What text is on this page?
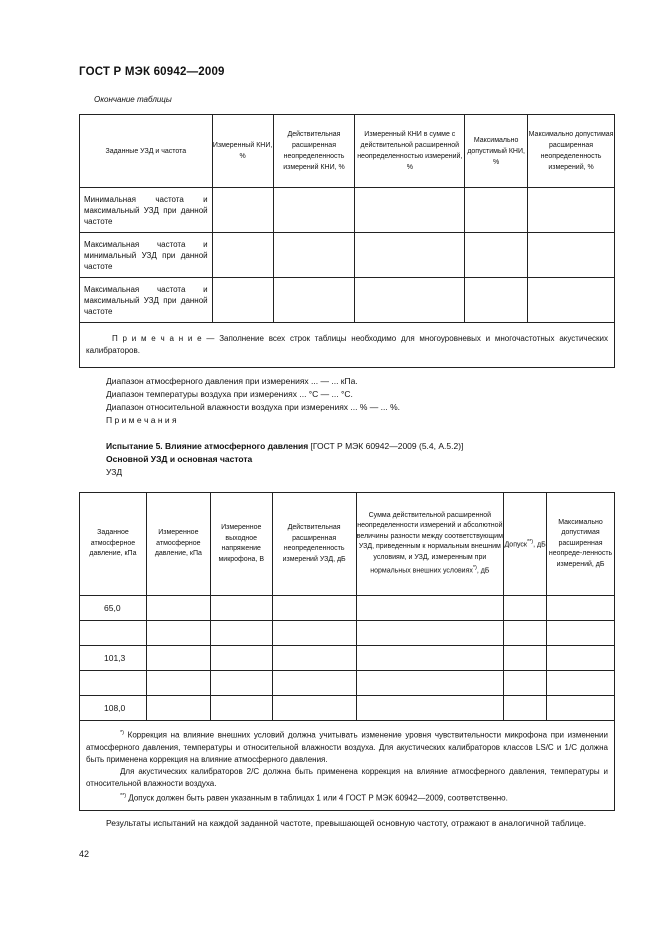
ГОСТ Р МЭК 60942—2009
Окончание таблицы
Заданные УЗД и частота	Измеренный КНИ, %	Действительная расширенная неопределенность измерений КНИ, %	Измеренный КНИ в сумме с действительной расширенной неопределенностью измерений, %	Максимально допустимый КНИ, %	Максимально допустимая расширенная неопределенность измерений, %
Минимальная частота и максимальный УЗД при данной частоте					
Максимальная частота и минимальный УЗД при данной частоте					
Максимальная частота и максимальный УЗД при данной частоте					
П р и м е ч а н и е — Заполнение всех строк таблицы необходимо для многоуровневых и многочастотных акустических калибраторов.					
Диапазон атмосферного давления при измерениях ... — ... кПа.
Диапазон температуры воздуха при измерениях ... °С — ... °С.
Диапазон относительной влажности воздуха при измерениях ... % — ... %.
П р и м е ч а н и я
Испытание 5. Влияние атмосферного давления [ГОСТ Р МЭК 60942—2009 (5.4, А.5.2)]
Основной УЗД и основная частота
УЗД
Заданное атмосферное давление, кПа	Измеренное атмосферное давление, кПа	Измеренное выходное напряжение микрофона, В	Действительная расширенная неопределенность измерений УЗД, дБ	Сумма действительной расширенной неопределенности измерений и абсолютной величины разности между соответствующим УЗД, приведенным к нормальным внешним условиям, и УЗД, измеренным при нормальных внешних условиях*), дБ	Допуск**), дБ	Максимально допустимая расширенная неопреде-ленность измерений, дБ
65,0						

101,3						

108,0						

*) Коррекция на влияние внешних условий должна учитывать изменение уровня чувствительности микрофона при изменении атмосферного давления, температуры и относительной влажности воздуха. Для акустических калибраторов классов LS/C и 1/C должна быть применена коррекция на влияние атмосферного давления.

Для акустических калибраторов 2/C должна быть применена коррекция на влияние атмосферного давления, температуры и относительной влажности воздуха.

**) Допуск должен быть равен указанным в таблицах 1 или 4 ГОСТ Р МЭК 60942—2009, соответственно.						

Результаты испытаний на каждой заданной частоте, превышающей основную частоту, отражают в аналогичной таблице.
42
